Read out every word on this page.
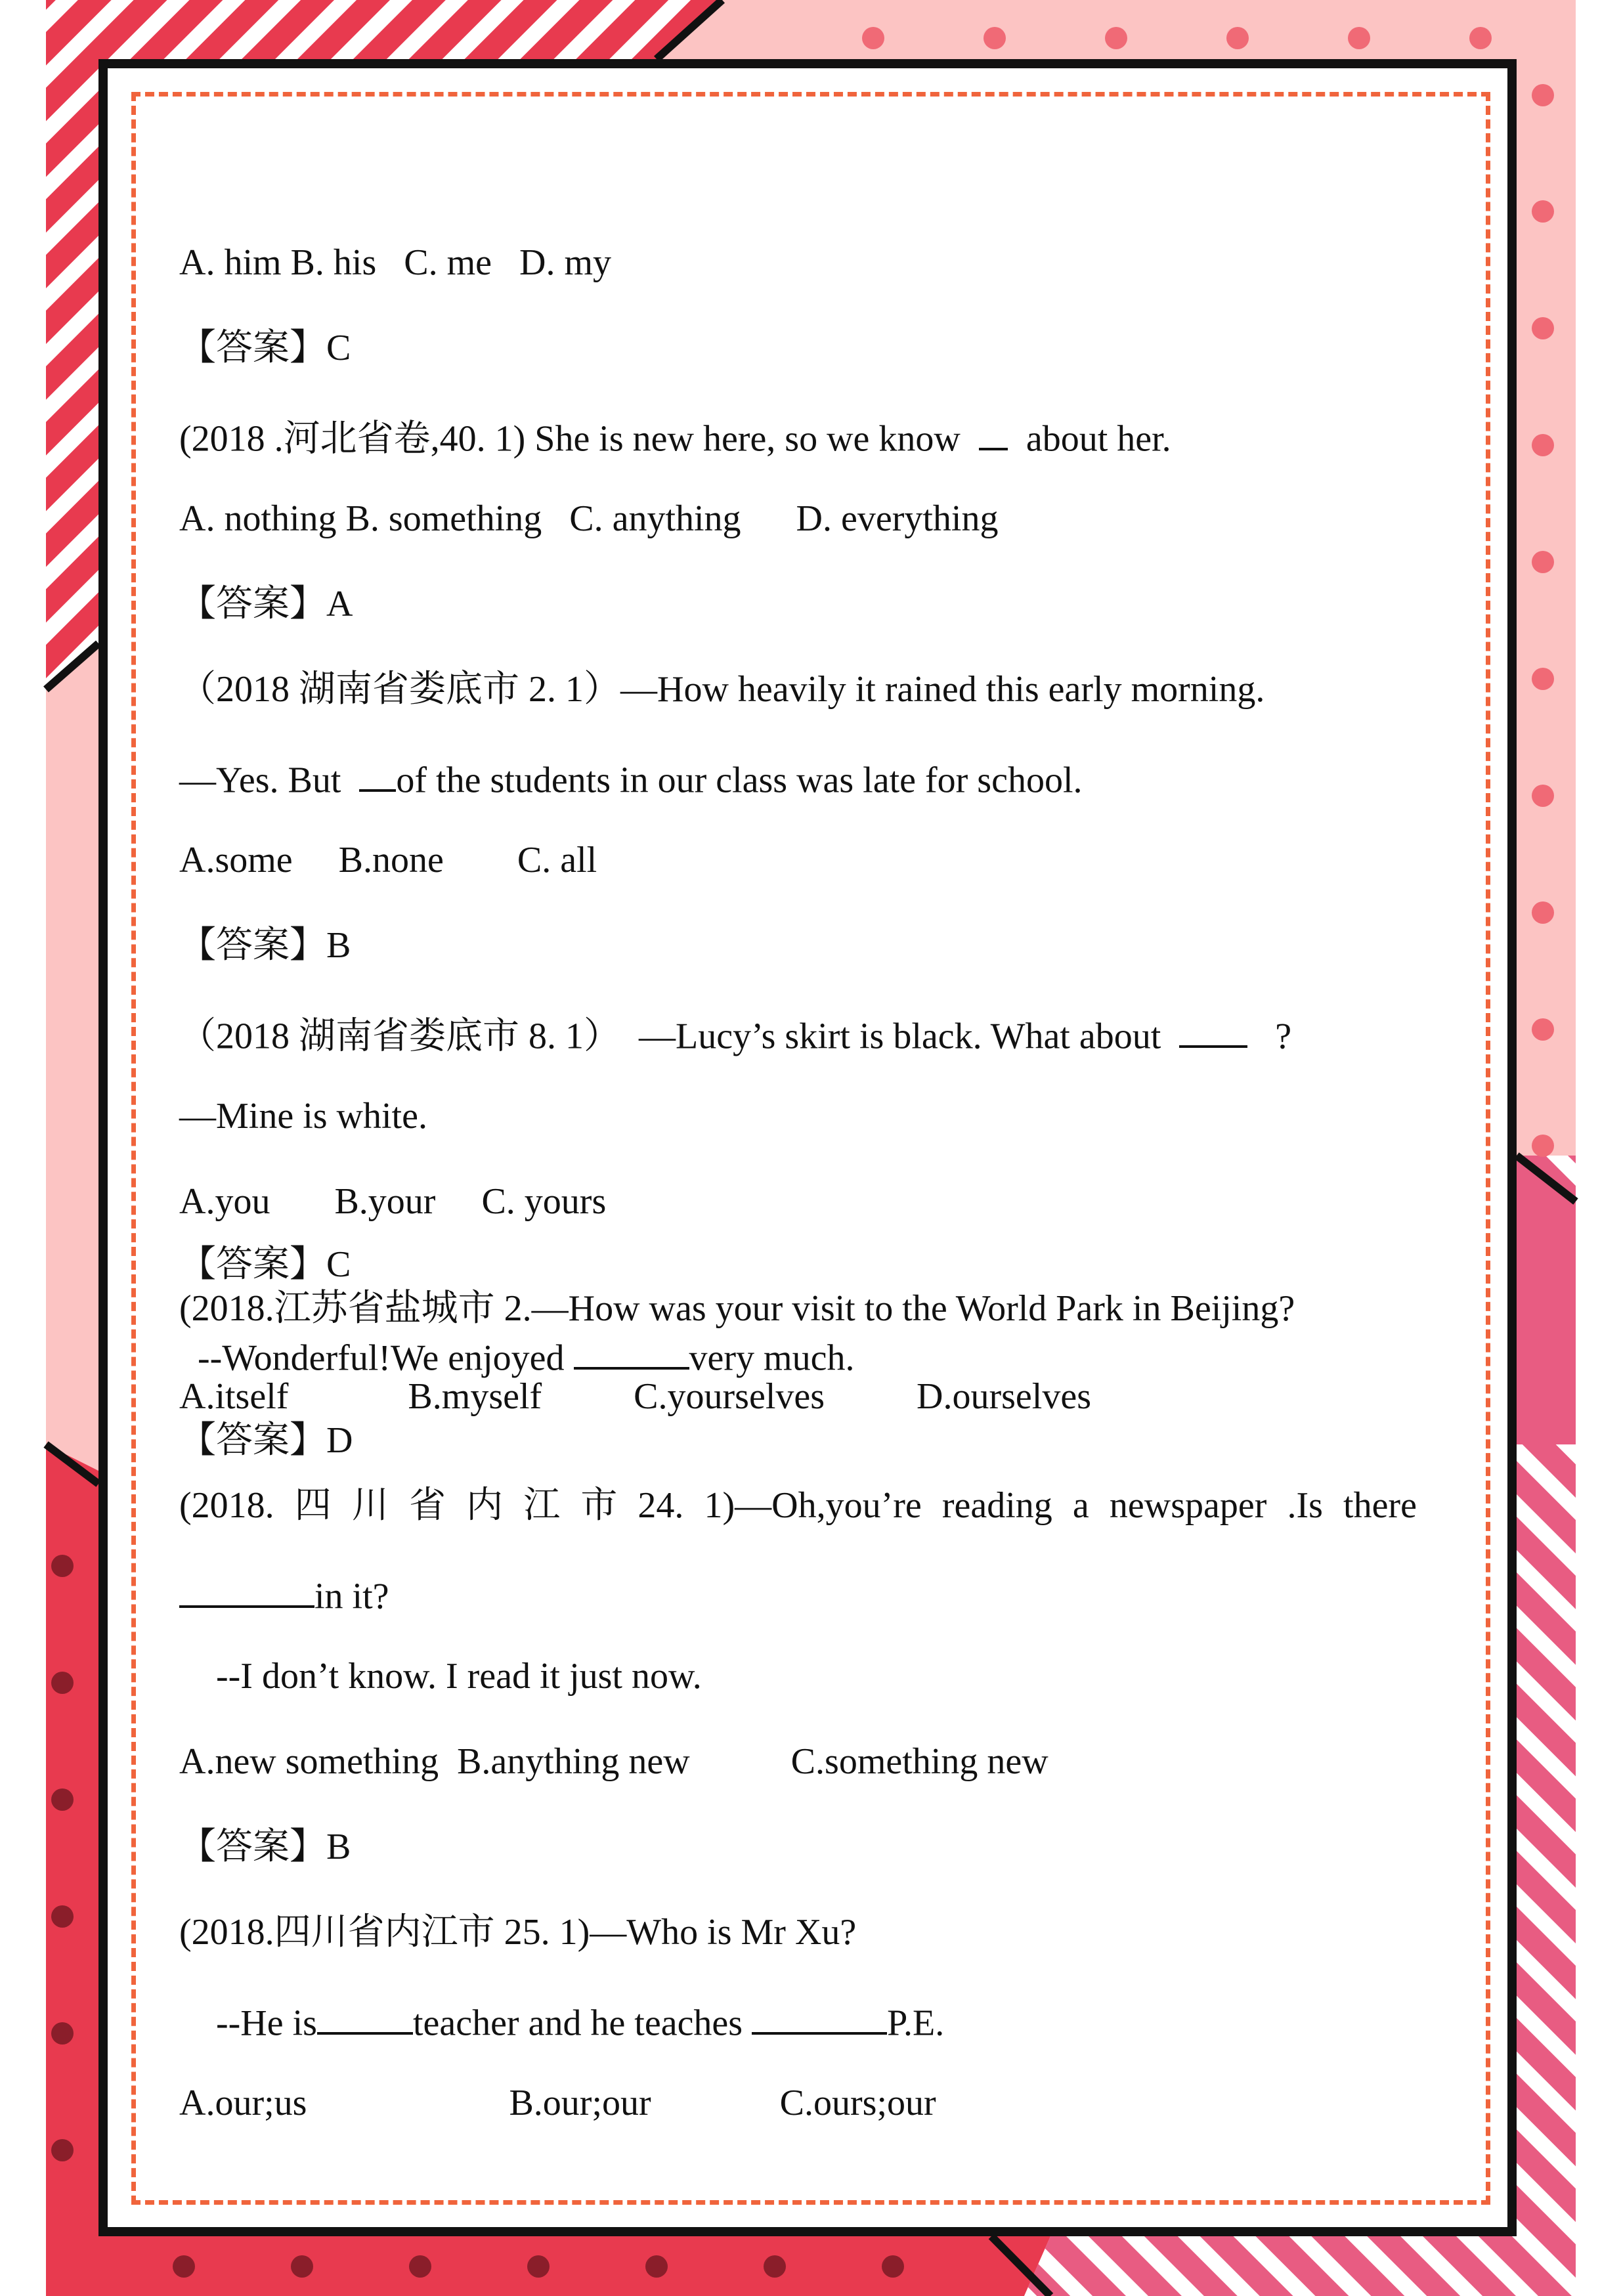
A. him B. his   C. me   D. my
【答案】C
(2018 .河北省卷,40. 1) She is new here, so we know    about her.
A. nothing B. something   C. anything      D. everything
【答案】A
（2018 湖南省娄底市 2. 1）—How heavily it rained this early morning.
—Yes. But  of the students in our class was late for school.
A.some     B.none        C. all
【答案】B
（2018 湖南省娄底市 8. 1）  —Lucy’s skirt is black. What about     ?
—Mine is white.
A.you       B.your     C. yours
【答案】C
(2018.江苏省盐城市 2.—How was your visit to the World Park in Beijing?
--Wonderful!We enjoyed	very much.
A.itself             B.myself          C.yourselves          D.ourselves
【答案】D
(2018. 四 川 省 内 江 市 24. 1)—Oh,you’re reading a newspaper .Is there
in it?
--I don’t know. I read it just now.
A.new something  B.anything new           C.something new
【答案】B
(2018.四川省内江市 25. 1)—Who is Mr Xu?
--He is	teacher and he teaches	P.E.
A.our;us                      B.our;our              C.ours;our
